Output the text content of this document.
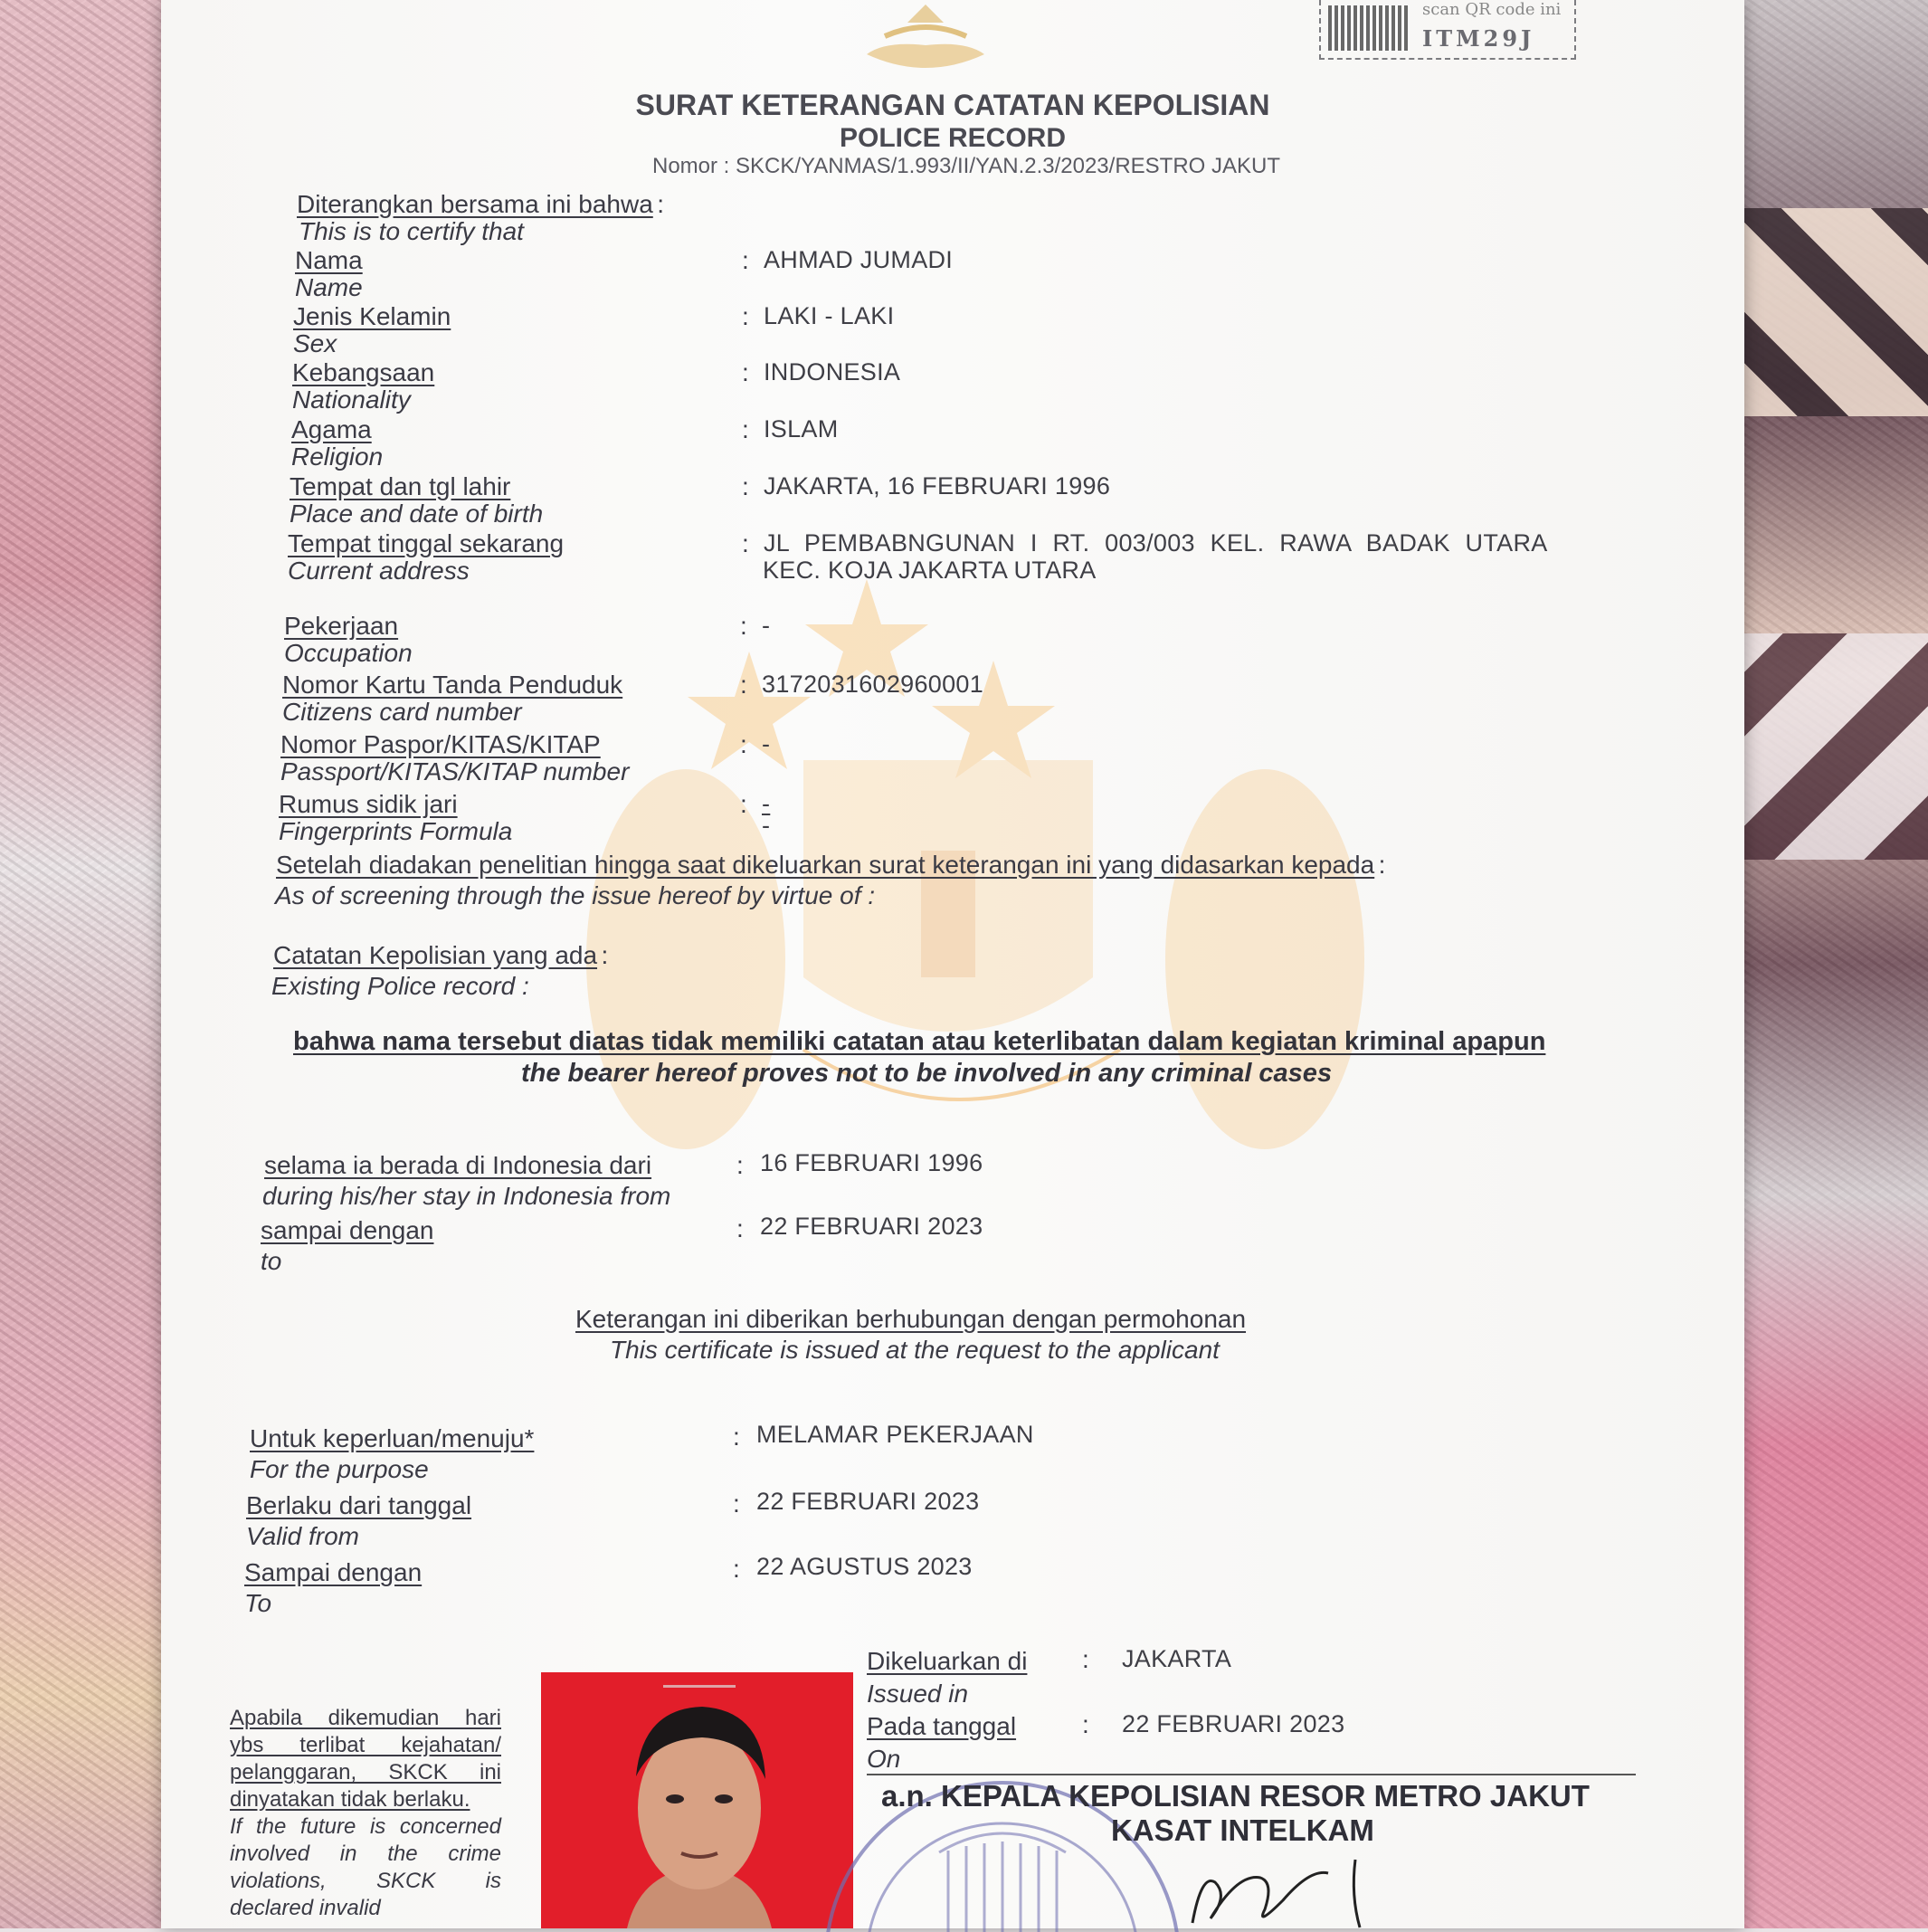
scan QR code ini
ITM29J
SURAT KETERANGAN CATATAN KEPOLISIAN
POLICE RECORD
Nomor : SKCK/YANMAS/1.993/II/YAN.2.3/2023/RESTRO JAKUT
Diterangkan bersama ini bahwa :
This is to certify that
Nama
Name
: AHMAD JUMADI
Jenis Kelamin
Sex
: LAKI - LAKI
Kebangsaan
Nationality
: INDONESIA
Agama
Religion
: ISLAM
Tempat dan tgl lahir
Place and date of birth
: JAKARTA, 16 FEBRUARI 1996
Tempat tinggal sekarang
Current address
: JL PEMBABNGUNAN I RT. 003/003 KEL. RAWA BADAK UTARA
KEC. KOJA JAKARTA UTARA
Pekerjaan
Occupation
: -
Nomor Kartu Tanda Penduduk
Citizens card number
: 3172031602960001
Nomor Paspor/KITAS/KITAP
Passport/KITAS/KITAP number
: -
Rumus sidik jari
Fingerprints Formula
: -
-
Setelah diadakan penelitian hingga saat dikeluarkan surat keterangan ini yang didasarkan kepada :
As of screening through the issue hereof by virtue of :
Catatan Kepolisian yang ada :
Existing Police record :
bahwa nama tersebut diatas tidak memiliki catatan atau keterlibatan dalam kegiatan kriminal apapun
the bearer hereof proves not to be involved in any criminal cases
selama ia berada di Indonesia dari
during his/her stay in Indonesia from
: 16 FEBRUARI 1996
sampai dengan
to
: 22 FEBRUARI 2023
Keterangan ini diberikan berhubungan dengan permohonan
This certificate is issued at the request to the applicant
Untuk keperluan/menuju*
For the purpose
: MELAMAR PEKERJAAN
Berlaku dari tanggal
Valid from
: 22 FEBRUARI 2023
Sampai dengan
To
: 22 AGUSTUS 2023
Apabila dikemudian hari ybs terlibat kejahatan/ pelanggaran, SKCK ini dinyatakan tidak berlaku.
If the future is concerned involved in the crime violations, SKCK is declared invalid
Dikeluarkan di
Issued in
: JAKARTA
Pada tanggal
On
: 22 FEBRUARI 2023
a.n. KEPALA KEPOLISIAN RESOR METRO JAKUT
KASAT INTELKAM
